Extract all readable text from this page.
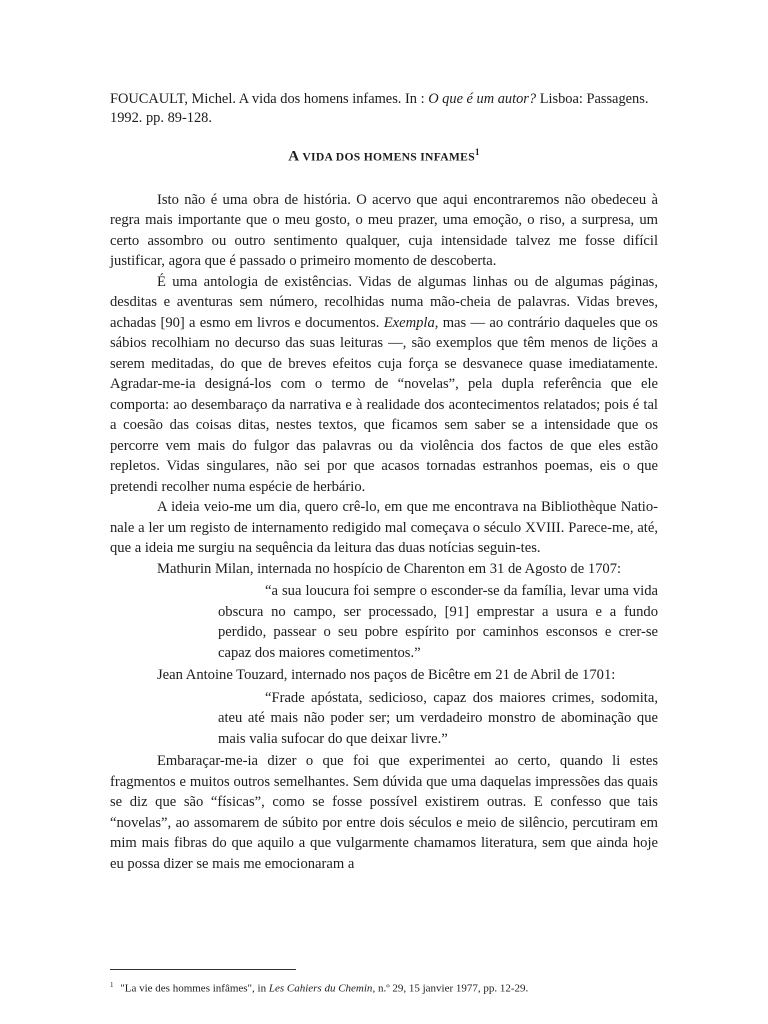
FOUCAULT, Michel. A vida dos homens infames. In : O que é um autor? Lisboa: Passagens. 1992. pp. 89-128.

A VIDA DOS HOMENS INFAMES$^1$

Isto não é uma obra de história. O acervo que aqui encontraremos não obedeceu à regra mais importante que o meu gosto, o meu prazer, uma emoção, o riso, a surpresa, um certo assombro ou outro sentimento qualquer, cuja intensidade talvez me fosse difícil justificar, agora que é passado o primeiro momento de descoberta.

É uma antologia de existências. Vidas de algumas linhas ou de algumas páginas, desditas e aventuras sem número, recolhidas numa mão-cheia de palavras. Vidas breves, achadas [90] a esmo em livros e documentos. Exempla, mas — ao contrário daqueles que os sábios recolhiam no decurso das suas leituras —, são exemplos que têm menos de lições a serem meditadas, do que de breves efeitos cuja força se desvanece quase imediatamente. Agradar-me-ia designá-los com o termo de “novelas”, pela dupla referência que ele comporta: ao desembaraço da narrativa e à realidade dos acontecimentos relatados; pois é tal a coesão das coisas ditas, nestes textos, que ficamos sem saber se a intensidade que os percorre vem mais do fulgor das palavras ou da violência dos factos de que eles estão repletos. Vidas singulares, não sei por que acasos tornadas estranhos poemas, eis o que pretendi recolher numa espécie de herbário.

A ideia veio-me um dia, quero crê-lo, em que me encontrava na Bibliothèque Natio-nale a ler um registo de internamento redigido mal começava o século XVIII. Parece-me, até, que a ideia me surgiu na sequência da leitura das duas notícias seguin-tes.

Mathurin Milan, internada no hospício de Charenton em 31 de Agosto de 1707:

“a sua loucura foi sempre o esconder-se da família, levar uma vida obscura no campo, ser processado, [91] emprestar a usura e a fundo perdido, passear o seu pobre espírito por caminhos esconsos e crer-se capaz dos maiores cometimentos.”

Jean Antoine Touzard, internado nos paços de Bicêtre em 21 de Abril de 1701:

“Frade apóstata, sedicioso, capaz dos maiores crimes, sodomita, ateu até mais não poder ser; um verdadeiro monstro de abominação que mais valia sufocar do que deixar livre.”

Embaraçar-me-ia dizer o que foi que experimentei ao certo, quando li estes fragmentos e muitos outros semelhantes. Sem dúvida que uma daquelas impressões das quais se diz que são “físicas”, como se fosse possível existirem outras. E confesso que tais “novelas”, ao assomarem de súbito por entre dois séculos e meio de silêncio, percutiram em mim mais fibras do que aquilo a que vulgarmente chamamos literatura, sem que ainda hoje eu possa dizer se mais me emocionaram a

$^1$ "La vie des hommes infâmes", in Les Cahiers du Chemin, n.º 29, 15 janvier 1977, pp. 12-29.
